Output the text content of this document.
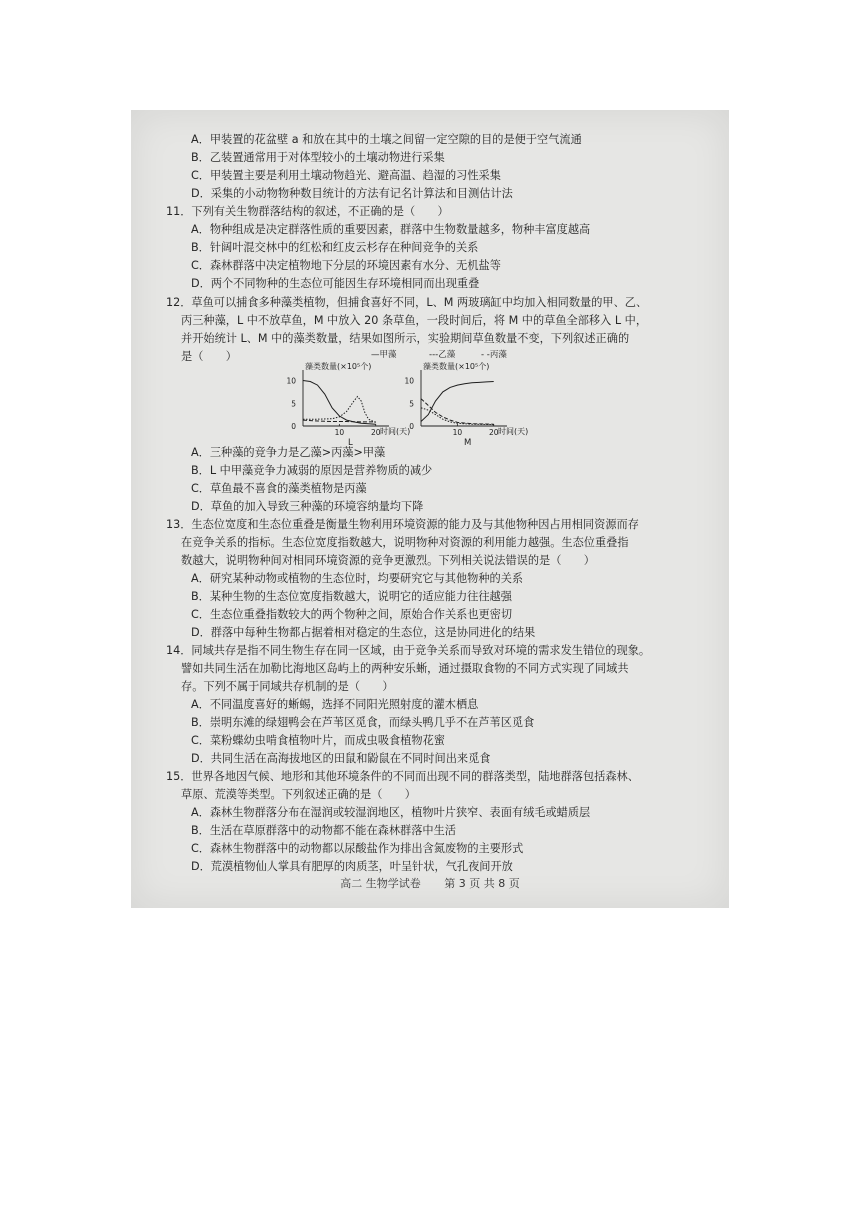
A．甲装置的花盆壁 a 和放在其中的土壤之间留一定空隙的目的是便于空气流通
B．乙装置通常用于对体型较小的土壤动物进行采集
C．甲装置主要是利用土壤动物趋光、避高温、趋湿的习性采集
D．采集的小动物物种数目统计的方法有记名计算法和目测估计法
11．下列有关生物群落结构的叙述，不正确的是（　　）
A．物种组成是决定群落性质的重要因素，群落中生物数量越多，物种丰富度越高
B．针阔叶混交林中的红松和红皮云杉存在种间竞争的关系
C．森林群落中决定植物地下分层的环境因素有水分、无机盐等
D．两个不同物种的生态位可能因生存环境相同而出现重叠
12．草鱼可以捕食多种藻类植物，但捕食喜好不同，L、M 两玻璃缸中均加入相同数量的甲、乙、
丙三种藻，L 中不放草鱼，M 中放入 20 条草鱼，一段时间后，将 M 中的草鱼全部移入 L 中，
并开始统计 L、M 中的藻类数量，结果如图所示，实验期间草鱼数量不变，下列叙述正确的
是（　　）	—甲藻	---乙藻	- -丙藻
藻类数量(×10⁵个)
时间(天)
L
0
5
10
10	20
藻类数量(×10⁵个)
时间(天)
M
0
5
10
10	20
A．三种藻的竞争力是乙藻>丙藻>甲藻
B．L 中甲藻竞争力减弱的原因是营养物质的减少
C．草鱼最不喜食的藻类植物是丙藻
D．草鱼的加入导致三种藻的环境容纳量均下降
13．生态位宽度和生态位重叠是衡量生物利用环境资源的能力及与其他物种因占用相同资源而存
在竞争关系的指标。生态位宽度指数越大，说明物种对资源的利用能力越强。生态位重叠指
数越大，说明物种间对相同环境资源的竞争更激烈。下列相关说法错误的是（　　）
A．研究某种动物或植物的生态位时，均要研究它与其他物种的关系
B．某种生物的生态位宽度指数越大，说明它的适应能力往往越强
C．生态位重叠指数较大的两个物种之间，原始合作关系也更密切
D．群落中每种生物都占据着相对稳定的生态位，这是协同进化的结果
14．同域共存是指不同生物生存在同一区域，由于竞争关系而导致对环境的需求发生错位的现象。
譬如共同生活在加勒比海地区岛屿上的两种安乐蜥，通过摄取食物的不同方式实现了同域共
存。下列不属于同域共存机制的是（　　）
A．不同温度喜好的蜥蜴，选择不同阳光照射度的灌木栖息
B．崇明东滩的绿翅鸭会在芦苇区觅食，而绿头鸭几乎不在芦苇区觅食
C．菜粉蝶幼虫啃食植物叶片，而成虫吸食植物花蜜
D．共同生活在高海拔地区的田鼠和鼢鼠在不同时间出来觅食
15．世界各地因气候、地形和其他环境条件的不同而出现不同的群落类型，陆地群落包括森林、
草原、荒漠等类型。下列叙述正确的是（　　）
A．森林生物群落分布在湿润或较湿润地区，植物叶片狭窄、表面有绒毛或蜡质层
B．生活在草原群落中的动物都不能在森林群落中生活
C．森林生物群落中的动物都以尿酸盐作为排出含氮废物的主要形式
D．荒漠植物仙人掌具有肥厚的肉质茎，叶呈针状，气孔夜间开放
高二 生物学试卷 第 3 页 共 8 页
